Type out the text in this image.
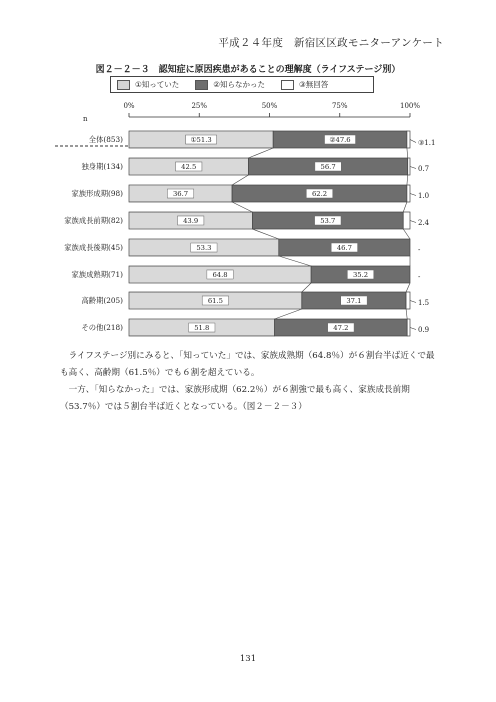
平成２４年度　新宿区区政モニターアンケート
図２－２－３　認知症に原因疾患があることの理解度（ライフステージ別）
①知っていた	②知らなかった	③無回答
0%	25%	50%	75%	100%
n
全体(853)	①51.3	②47.6	③1.1
独身期(134)	42.5	56.7	0.7
家族形成期(98)	36.7	62.2	1.0
家族成長前期(82)	43.9	53.7	2.4
家族成長後期(45)	53.3	46.7	-
家族成熟期(71)	64.8	35.2	-
高齢期(205)	61.5	37.1	1.5
その他(218)	51.8	47.2	0.9

ライフステージ別にみると、「知っていた」では、家族成熟期（64.8％）が６割台半ば近くで最も高く、高齢期（61.5％）でも６割を超えている。

一方、「知らなかった」では、家族形成期（62.2％）が６割強で最も高く、家族成長前期（53.7％）では５割台半ば近くとなっている。（図２－２－３）

131
